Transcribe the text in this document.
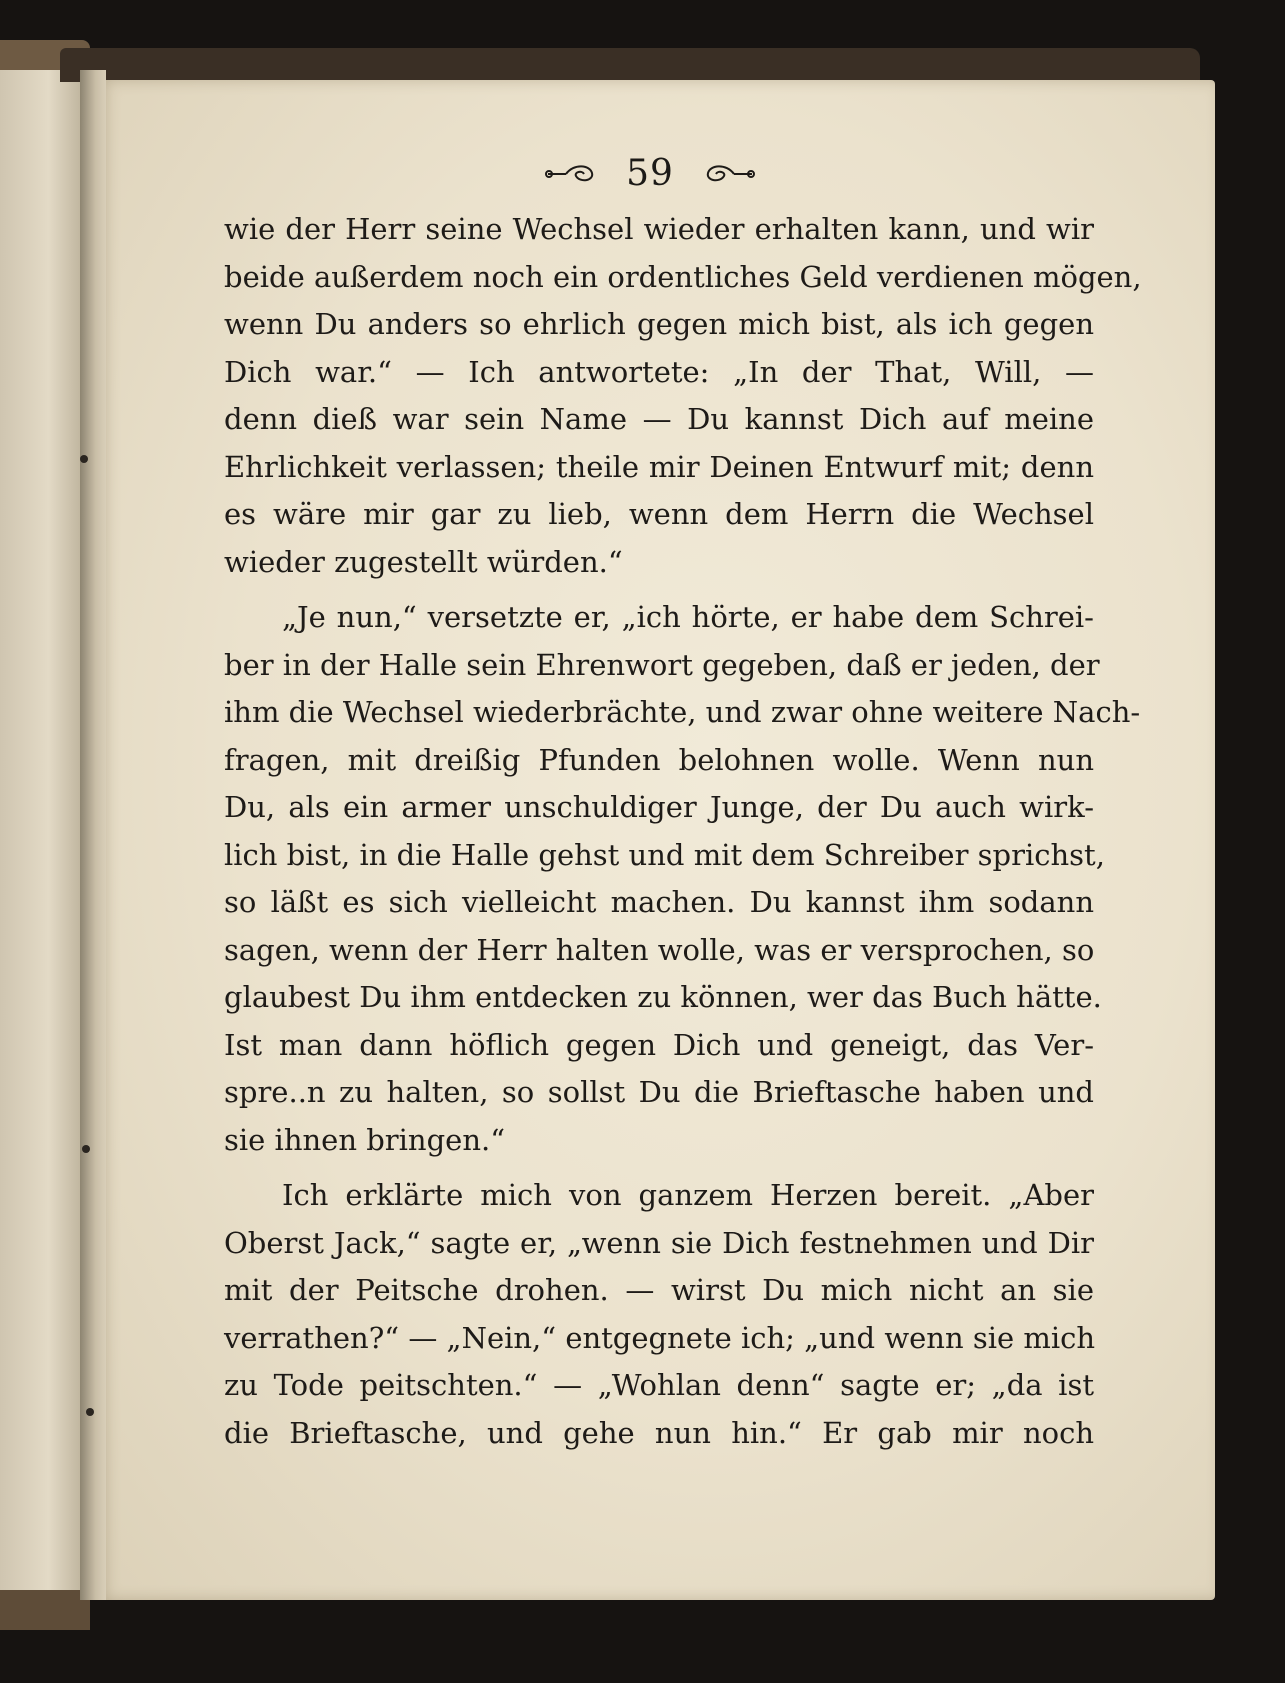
59
wie der Herr seine Wechsel wieder erhalten kann, und wir
beide außerdem noch ein ordentliches Geld verdienen mögen,
wenn Du anders so ehrlich gegen mich bist, als ich gegen
Dich war.“ — Ich antwortete: „In der That, Will, —
denn dieß war sein Name — Du kannst Dich auf meine
Ehrlichkeit verlassen; theile mir Deinen Entwurf mit; denn
es wäre mir gar zu lieb, wenn dem Herrn die Wechsel
wieder zugestellt würden.“
„Je nun,“ versetzte er, „ich hörte, er habe dem Schrei-
ber in der Halle sein Ehrenwort gegeben, daß er jeden, der
ihm die Wechsel wiederbrächte, und zwar ohne weitere Nach-
fragen, mit dreißig Pfunden belohnen wolle. Wenn nun
Du, als ein armer unschuldiger Junge, der Du auch wirk-
lich bist, in die Halle gehst und mit dem Schreiber sprichst,
so läßt es sich vielleicht machen. Du kannst ihm sodann
sagen, wenn der Herr halten wolle, was er versprochen, so
glaubest Du ihm entdecken zu können, wer das Buch hätte.
Ist man dann höflich gegen Dich und geneigt, das Ver-
spre..n zu halten, so sollst Du die Brieftasche haben und
sie ihnen bringen.“
Ich erklärte mich von ganzem Herzen bereit. „Aber
Oberst Jack,“ sagte er, „wenn sie Dich festnehmen und Dir
mit der Peitsche drohen. — wirst Du mich nicht an sie
verrathen?“ — „Nein,“ entgegnete ich; „und wenn sie mich
zu Tode peitschten.“ — „Wohlan denn“ sagte er; „da ist
die Brieftasche, und gehe nun hin.“ Er gab mir noch
